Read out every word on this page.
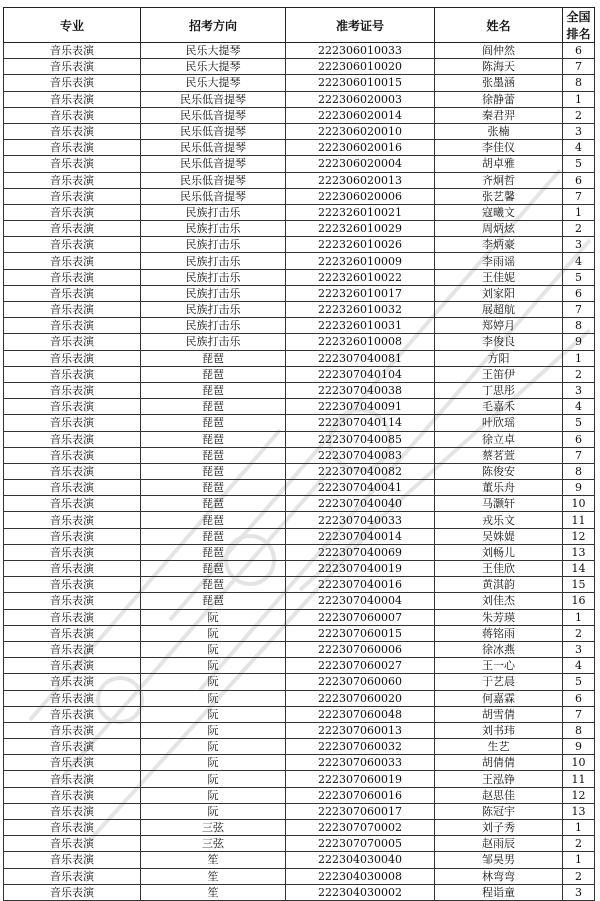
专业	招考方向	准考证号	姓名	全国排名
音乐表演	民乐大提琴	222306010033	阎仲然	6
音乐表演	民乐大提琴	222306010020	陈海天	7
音乐表演	民乐大提琴	222306010015	张墨涵	8
音乐表演	民乐低音提琴	222306020003	徐静蕾	1
音乐表演	民乐低音提琴	222306020014	秦君羿	2
音乐表演	民乐低音提琴	222306020010	张楠	3
音乐表演	民乐低音提琴	222306020016	李佳仪	4
音乐表演	民乐低音提琴	222306020004	胡卓雅	5
音乐表演	民乐低音提琴	222306020013	齐炯哲	6
音乐表演	民乐低音提琴	222306020006	张艺馨	7
音乐表演	民族打击乐	222326010021	寇曦文	1
音乐表演	民族打击乐	222326010029	周炳炫	2
音乐表演	民族打击乐	222326010026	李炳豪	3
音乐表演	民族打击乐	222326010009	李雨谣	4
音乐表演	民族打击乐	222326010022	王佳妮	5
音乐表演	民族打击乐	222326010017	刘家阳	6
音乐表演	民族打击乐	222326010032	展超航	7
音乐表演	民族打击乐	222326010031	郑婷月	8
音乐表演	民族打击乐	222326010008	李俊良	9
音乐表演	琵琶	222307040081	方阳	1
音乐表演	琵琶	222307040104	王笛伊	2
音乐表演	琵琶	222307040038	丁思彤	3
音乐表演	琵琶	222307040091	毛嘉禾	4
音乐表演	琵琶	222307040114	叶欣瑶	5
音乐表演	琵琶	222307040085	徐立卓	6
音乐表演	琵琶	222307040083	蔡茗萱	7
音乐表演	琵琶	222307040082	陈俊安	8
音乐表演	琵琶	222307040041	董乐舟	9
音乐表演	琵琶	222307040040	马灏轩	10
音乐表演	琵琶	222307040033	戎乐文	11
音乐表演	琵琶	222307040014	吴姝媞	12
音乐表演	琵琶	222307040069	刘畅儿	13
音乐表演	琵琶	222307040019	王佳欣	14
音乐表演	琵琶	222307040016	黄淇韵	15
音乐表演	琵琶	222307040004	刘佳杰	16
音乐表演	阮	222307060007	朱芳瑛	1
音乐表演	阮	222307060015	蒋铭雨	2
音乐表演	阮	222307060006	徐冰燕	3
音乐表演	阮	222307060027	王一心	4
音乐表演	阮	222307060060	于艺晨	5
音乐表演	阮	222307060020	何嘉霖	6
音乐表演	阮	222307060048	胡雪倩	7
音乐表演	阮	222307060013	刘书玮	8
音乐表演	阮	222307060032	生艺	9
音乐表演	阮	222307060033	胡倩倩	10
音乐表演	阮	222307060019	王泓铮	11
音乐表演	阮	222307060016	赵思佳	12
音乐表演	阮	222307060017	陈冠宇	13
音乐表演	三弦	222307070002	刘子秀	1
音乐表演	三弦	222307070005	赵雨辰	2
音乐表演	笙	222304030040	邹昊男	1
音乐表演	笙	222304030008	林弯弯	2
音乐表演	笙	222304030002	程诣童	3
